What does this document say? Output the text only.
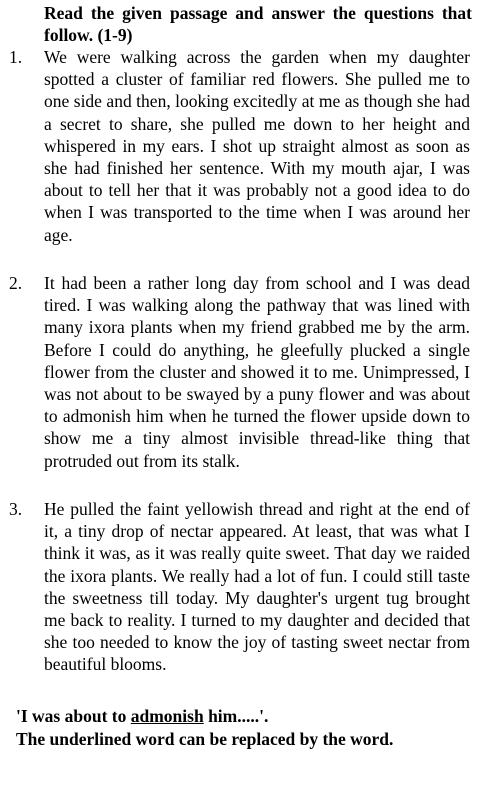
Read the given passage and answer the questions that follow. (1-9)
1. We were walking across the garden when my daughter spotted a cluster of familiar red flowers. She pulled me to one side and then, looking excitedly at me as though she had a secret to share, she pulled me down to her height and whispered in my ears. I shot up straight almost as soon as she had finished her sentence. With my mouth ajar, I was about to tell her that it was probably not a good idea to do when I was transported to the time when I was around her age.
2. It had been a rather long day from school and I was dead tired. I was walking along the pathway that was lined with many ixora plants when my friend grabbed me by the arm. Before I could do anything, he gleefully plucked a single flower from the cluster and showed it to me. Unimpressed, I was not about to be swayed by a puny flower and was about to admonish him when he turned the flower upside down to show me a tiny almost invisible thread-like thing that protruded out from its stalk.
3. He pulled the faint yellowish thread and right at the end of it, a tiny drop of nectar appeared. At least, that was what I think it was, as it was really quite sweet. That day we raided the ixora plants. We really had a lot of fun. I could still taste the sweetness till today. My daughter's urgent tug brought me back to reality. I turned to my daughter and decided that she too needed to know the joy of tasting sweet nectar from beautiful blooms.
'I was about to admonish him.....'.
The underlined word can be replaced by the word.
